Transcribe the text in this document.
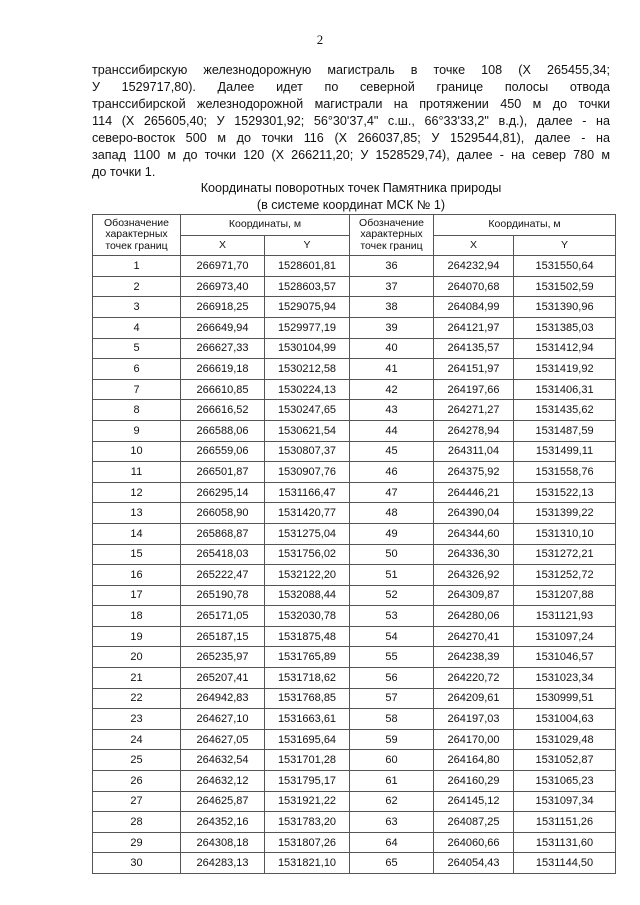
2
транссибирскую железнодорожную магистраль в точке 108 (X 265455,34;
У 1529717,80). Далее идет по северной границе полосы отвода
транссибирской железнодорожной магистрали на протяжении 450 м до точки
114 (X 265605,40; У 1529301,92; 56°30'37,4" с.ш., 66°33'33,2" в.д.), далее - на
северо-восток 500 м до точки 116 (X 266037,85; У 1529544,81), далее - на
запад 1100 м до точки 120 (X 266211,20; У 1528529,74), далее - на север 780 м
до точки 1.
Координаты поворотных точек Памятника природы
(в системе координат МСК № 1)
Обозначение характерных точек границ	Координаты, м		Обозначение характерных точек границ	Координаты, м	
	X	Y		X	Y
1	266971,70	1528601,81	36	264232,94	1531550,64
2	266973,40	1528603,57	37	264070,68	1531502,59
3	266918,25	1529075,94	38	264084,99	1531390,96
4	266649,94	1529977,19	39	264121,97	1531385,03
5	266627,33	1530104,99	40	264135,57	1531412,94
6	266619,18	1530212,58	41	264151,97	1531419,92
7	266610,85	1530224,13	42	264197,66	1531406,31
8	266616,52	1530247,65	43	264271,27	1531435,62
9	266588,06	1530621,54	44	264278,94	1531487,59
10	266559,06	1530807,37	45	264311,04	1531499,11
11	266501,87	1530907,76	46	264375,92	1531558,76
12	266295,14	1531166,47	47	264446,21	1531522,13
13	266058,90	1531420,77	48	264390,04	1531399,22
14	265868,87	1531275,04	49	264344,60	1531310,10
15	265418,03	1531756,02	50	264336,30	1531272,21
16	265222,47	1532122,20	51	264326,92	1531252,72
17	265190,78	1532088,44	52	264309,87	1531207,88
18	265171,05	1532030,78	53	264280,06	1531121,93
19	265187,15	1531875,48	54	264270,41	1531097,24
20	265235,97	1531765,89	55	264238,39	1531046,57
21	265207,41	1531718,62	56	264220,72	1531023,34
22	264942,83	1531768,85	57	264209,61	1530999,51
23	264627,10	1531663,61	58	264197,03	1531004,63
24	264627,05	1531695,64	59	264170,00	1531029,48
25	264632,54	1531701,28	60	264164,80	1531052,87
26	264632,12	1531795,17	61	264160,29	1531065,23
27	264625,87	1531921,22	62	264145,12	1531097,34
28	264352,16	1531783,20	63	264087,25	1531151,26
29	264308,18	1531807,26	64	264060,66	1531131,60
30	264283,13	1531821,10	65	264054,43	1531144,50
